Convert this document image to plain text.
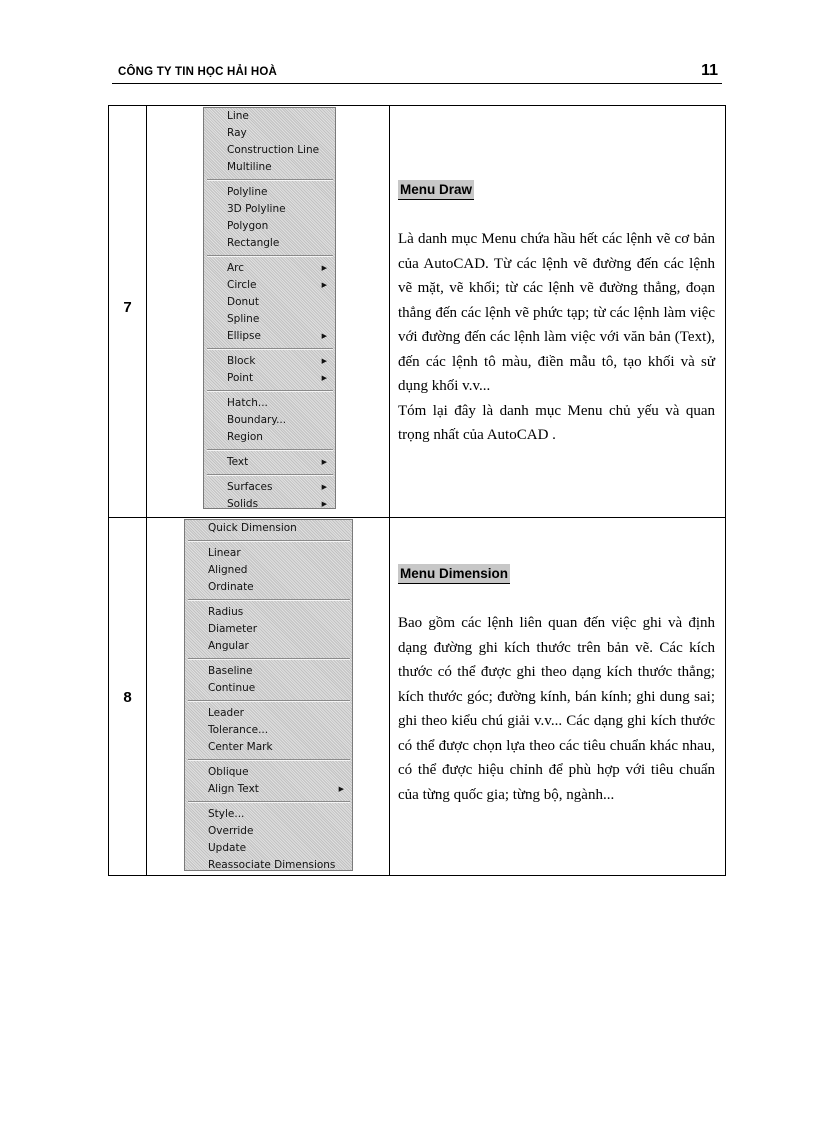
CÔNG TY TIN HỌC HẢI HOÀ	11
7
Line
Ray
Construction Line
Multiline
Polyline
3D Polyline
Polygon
Rectangle
Arc	▶
Circle	▶
Donut
Spline
Ellipse	▶
Block	▶
Point	▶
Hatch...
Boundary...
Region
Text	▶
Surfaces	▶
Solids	▶
Menu Draw
Là danh mục Menu chứa hầu hết các lệnh vẽ cơ bản của AutoCAD. Từ các lệnh vẽ đường đến các lệnh vẽ mặt, vẽ khối; từ các lệnh vẽ đường thẳng, đoạn thẳng đến các lệnh vẽ phức tạp; từ các lệnh làm việc với đường đến các lệnh làm việc với văn bản (Text), đến các lệnh tô màu, điền mẫu tô, tạo khối và sử dụng khối v.v...
Tóm lại đây là danh mục Menu chủ yếu và quan trọng nhất của AutoCAD .
8
Quick Dimension
Linear
Aligned
Ordinate
Radius
Diameter
Angular
Baseline
Continue
Leader
Tolerance...
Center Mark
Oblique
Align Text	▶
Style...
Override
Update
Reassociate Dimensions
Menu Dimension
Bao gồm các lệnh liên quan đến việc ghi và định dạng đường ghi kích thước trên bản vẽ. Các kích thước có thể được ghi theo dạng kích thước thẳng; kích thước góc; đường kính, bán kính; ghi dung sai; ghi theo kiểu chú giải v.v... Các dạng ghi kích thước có thể được chọn lựa theo các tiêu chuẩn khác nhau, có thể được hiệu chỉnh để phù hợp với tiêu chuẩn của từng quốc gia; từng bộ, ngành...
